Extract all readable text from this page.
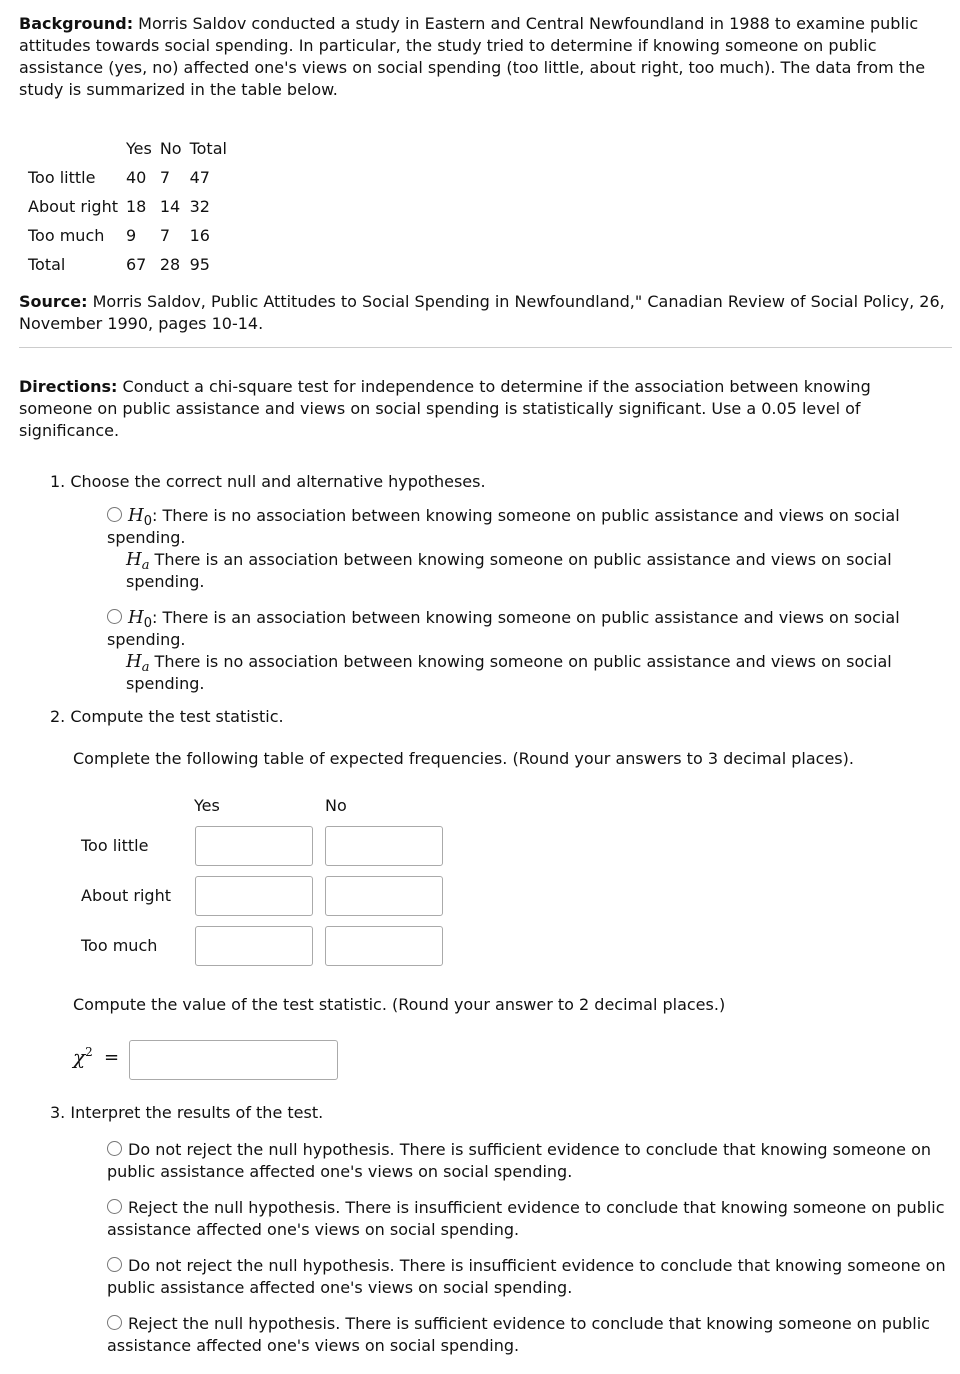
Background: Morris Saldov conducted a study in Eastern and Central Newfoundland in 1988 to examine public attitudes towards social spending. In particular, the study tried to determine if knowing someone on public assistance (yes, no) affected one's views on social spending (too little, about right, too much). The data from the study is summarized in the table below.

	Yes	No	Total
Too little	40	7	47
About right	18	14	32
Too much	9	7	16
Total	67	28	95

Source: Morris Saldov, Public Attitudes to Social Spending in Newfoundland," Canadian Review of Social Policy, 26, November 1990, pages 10-14.

Directions: Conduct a chi-square test for independence to determine if the association between knowing someone on public assistance and views on social spending is statistically significant. Use a 0.05 level of significance.

1. Choose the correct null and alternative hypotheses.

$H_0$: There is no association between knowing someone on public assistance and views on social spending.
$H_a$ There is an association between knowing someone on public assistance and views on social spending.
$H_0$: There is an association between knowing someone on public assistance and views on social spending.
$H_a$ There is no association between knowing someone on public assistance and views on social spending.

2. Compute the test statistic.

Complete the following table of expected frequencies. (Round your answers to 3 decimal places).

Yes	No
Too little
About right
Too much

Compute the value of the test statistic. (Round your answer to 2 decimal places.)

$\chi^2$ =

3. Interpret the results of the test.

Do not reject the null hypothesis. There is sufficient evidence to conclude that knowing someone on public assistance affected one's views on social spending.
Reject the null hypothesis. There is insufficient evidence to conclude that knowing someone on public assistance affected one's views on social spending.
Do not reject the null hypothesis. There is insufficient evidence to conclude that knowing someone on public assistance affected one's views on social spending.
Reject the null hypothesis. There is sufficient evidence to conclude that knowing someone on public assistance affected one's views on social spending.
